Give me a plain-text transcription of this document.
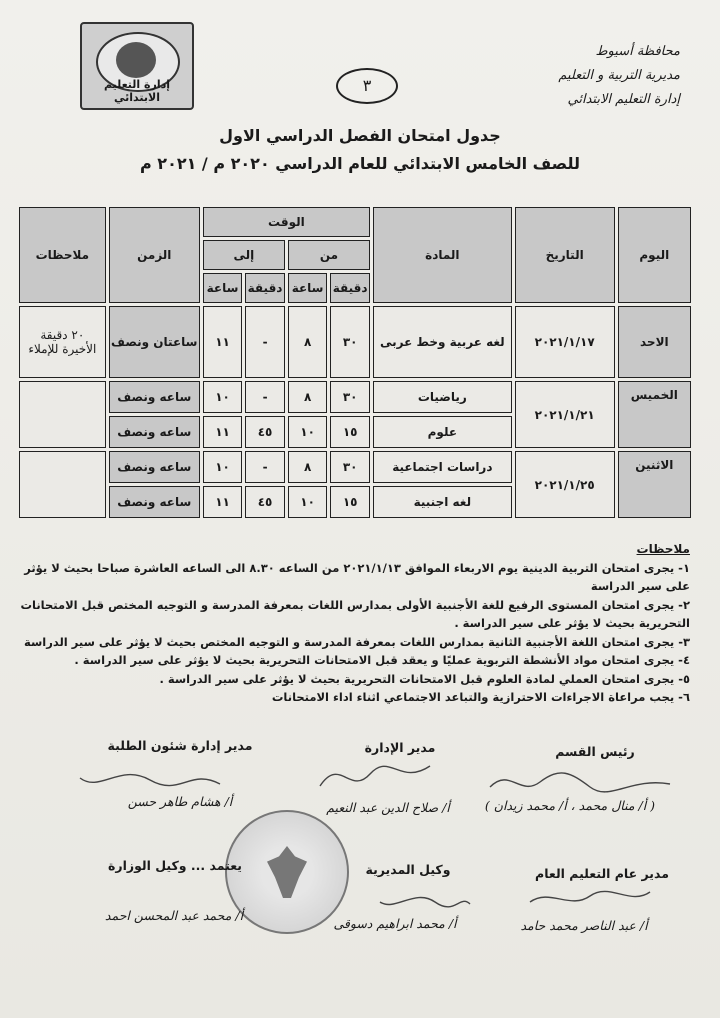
محافظة أسيوط
مديرية التربية و التعليم
إدارة التعليم الابتدائي
إدارة التعليم الابتدائي
٣
جدول امتحان الفصل الدراسي الاول
للصف الخامس الابتدائي للعام الدراسي ٢٠٢٠ م / ٢٠٢١ م
اليوم	التاريخ	المادة	الوقت				الزمن	ملاحظات
			من		إلى			
			دقيقة	ساعة	دقيقة	ساعة		
الاحد	٢٠٢١/١/١٧	لغه عربية وخط عربى	٣٠	٨	-	١١	ساعتان ونصف	٢٠ دقيقة الأخيرة للإملاء
الخميس	٢٠٢١/١/٢١	رياضيات	٣٠	٨	-	١٠	ساعه ونصف	
		علوم	١٥	١٠	٤٥	١١	ساعه ونصف	
الاثنين	٢٠٢١/١/٢٥	دراسات اجتماعية	٣٠	٨	-	١٠	ساعه ونصف	
		لغه اجنبية	١٥	١٠	٤٥	١١	ساعه ونصف	
ملاحظات
١- يجرى امتحان التربية الدينية يوم الاربعاء الموافق ٢٠٢١/١/١٣ من الساعه ٨.٣٠ الى الساعه العاشرة صباحا بحيث لا يؤثر على سير الدراسة
٢- يجرى امتحان المستوى الرفيع للغة الأجنبية الأولى بمدارس اللغات بمعرفة المدرسة و التوجيه المختص قبل الامتحانات التحريرية بحيث لا يؤثر على سير الدراسة .
٣- يجرى امتحان اللغة الأجنبية الثانية بمدارس اللغات بمعرفة المدرسة و التوجيه المختص بحيث لا يؤثر على سير الدراسة
٤- يجرى امتحان مواد الأنشطة التربوية عمليًا و يعقد قبل الامتحانات التحريرية بحيث لا يؤثر على سير الدراسة .
٥- يجرى امتحان العملي لمادة العلوم قبل الامتحانات التحريرية بحيث لا يؤثر على سير الدراسة .
٦- يجب مراعاة الاجراءات الاحترازية والتباعد الاجتماعي اثناء اداء الامتحانات
رئيس القسم
مدير الإدارة
مدير إدارة شئون الطلبة
( أ/ منال محمد ، أ/ محمد زيدان )
أ/ صلاح الدين عبد النعيم
أ/ هشام طاهر حسن
مدير عام التعليم العام
وكيل المديرية
يعتمد ... وكيل الوزارة
أ/ عبد الناصر محمد حامد
أ/ محمد ابراهيم دسوقى
أ/ محمد عبد المحسن احمد
